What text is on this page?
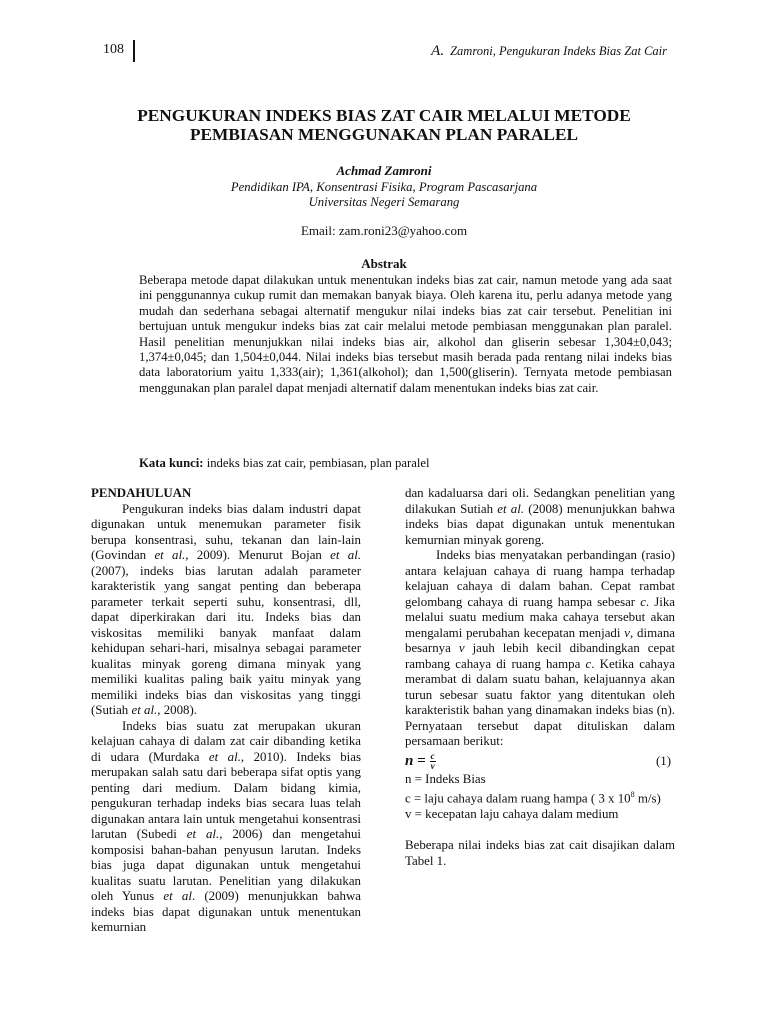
108	A. Zamroni, Pengukuran Indeks Bias Zat Cair
PENGUKURAN INDEKS BIAS ZAT CAIR MELALUI METODE
PEMBIASAN MENGGUNAKAN PLAN PARALEL
Achmad Zamroni
Pendidikan IPA, Konsentrasi Fisika, Program Pascasarjana
Universitas Negeri Semarang
Email: zam.roni23@yahoo.com
Abstrak
Beberapa metode dapat dilakukan untuk menentukan indeks bias zat cair, namun metode yang ada saat ini penggunannya cukup rumit dan memakan banyak biaya. Oleh karena itu, perlu adanya metode yang mudah dan sederhana sebagai alternatif mengukur nilai indeks bias zat cair tersebut. Penelitian ini bertujuan untuk mengukur indeks bias zat cair melalui metode pembiasan menggunakan plan paralel. Hasil penelitian menunjukkan nilai indeks bias air, alkohol dan gliserin sebesar 1,304±0,043; 1,374±0,045; dan 1,504±0,044. Nilai indeks bias tersebut masih berada pada rentang nilai indeks bias data laboratorium yaitu 1,333(air); 1,361(alkohol); dan 1,500(gliserin). Ternyata metode pembiasan menggunakan plan paralel dapat menjadi alternatif dalam menentukan indeks bias zat cair.
Kata kunci: indeks bias zat cair, pembiasan, plan paralel

PENDAHULUAN

Pengukuran indeks bias dalam industri dapat digunakan untuk menemukan parameter fisik berupa konsentrasi, suhu, tekanan dan lain-lain (Govindan et al., 2009). Menurut Bojan et al. (2007), indeks bias larutan adalah parameter karakteristik yang sangat penting dan beberapa parameter terkait seperti suhu, konsentrasi, dll, dapat diperkirakan dari itu. Indeks bias dan viskositas memiliki banyak manfaat dalam kehidupan sehari-hari, misalnya sebagai parameter kualitas minyak goreng dimana minyak yang memiliki kualitas paling baik yaitu minyak yang memiliki indeks bias dan viskositas yang tinggi (Sutiah et al., 2008).

Indeks bias suatu zat merupakan ukuran kelajuan cahaya di dalam zat cair dibanding ketika di udara (Murdaka et al., 2010). Indeks bias merupakan salah satu dari beberapa sifat optis yang penting dari medium. Dalam bidang kimia, pengukuran terhadap indeks bias secara luas telah digunakan antara lain untuk mengetahui konsentrasi larutan (Subedi et al., 2006) dan mengetahui komposisi bahan-bahan penyusun larutan. Indeks bias juga dapat digunakan untuk mengetahui kualitas suatu larutan. Penelitian yang dilakukan oleh Yunus et al. (2009) menunjukkan bahwa indeks bias dapat digunakan untuk menentukan kemurnian

dan kadaluarsa dari oli. Sedangkan penelitian yang dilakukan Sutiah et al. (2008) menunjukkan bahwa indeks bias dapat digunakan untuk menentukan kemurnian minyak goreng.

Indeks bias menyatakan perbandingan (rasio) antara kelajuan cahaya di ruang hampa terhadap kelajuan cahaya di dalam bahan. Cepat rambat gelombang cahaya di ruang hampa sebesar c. Jika melalui suatu medium maka cahaya tersebut akan mengalami perubahan kecepatan menjadi v, dimana besarnya v jauh lebih kecil dibandingkan cepat rambang cahaya di ruang hampa c. Ketika cahaya merambat di dalam suatu bahan, kelajuannya akan turun sebesar suatu faktor yang ditentukan oleh karakteristik bahan yang dinamakan indeks bias (n). Pernyataan tersebut dapat dituliskan dalam persamaan berikut:

$n = \frac{c}{v}$	(1)

n = Indeks Bias

c = laju cahaya dalam ruang hampa ( 3 x $10^8$ m/s)

v = kecepatan laju cahaya dalam medium

Beberapa nilai indeks bias zat cait disajikan dalam Tabel 1.
